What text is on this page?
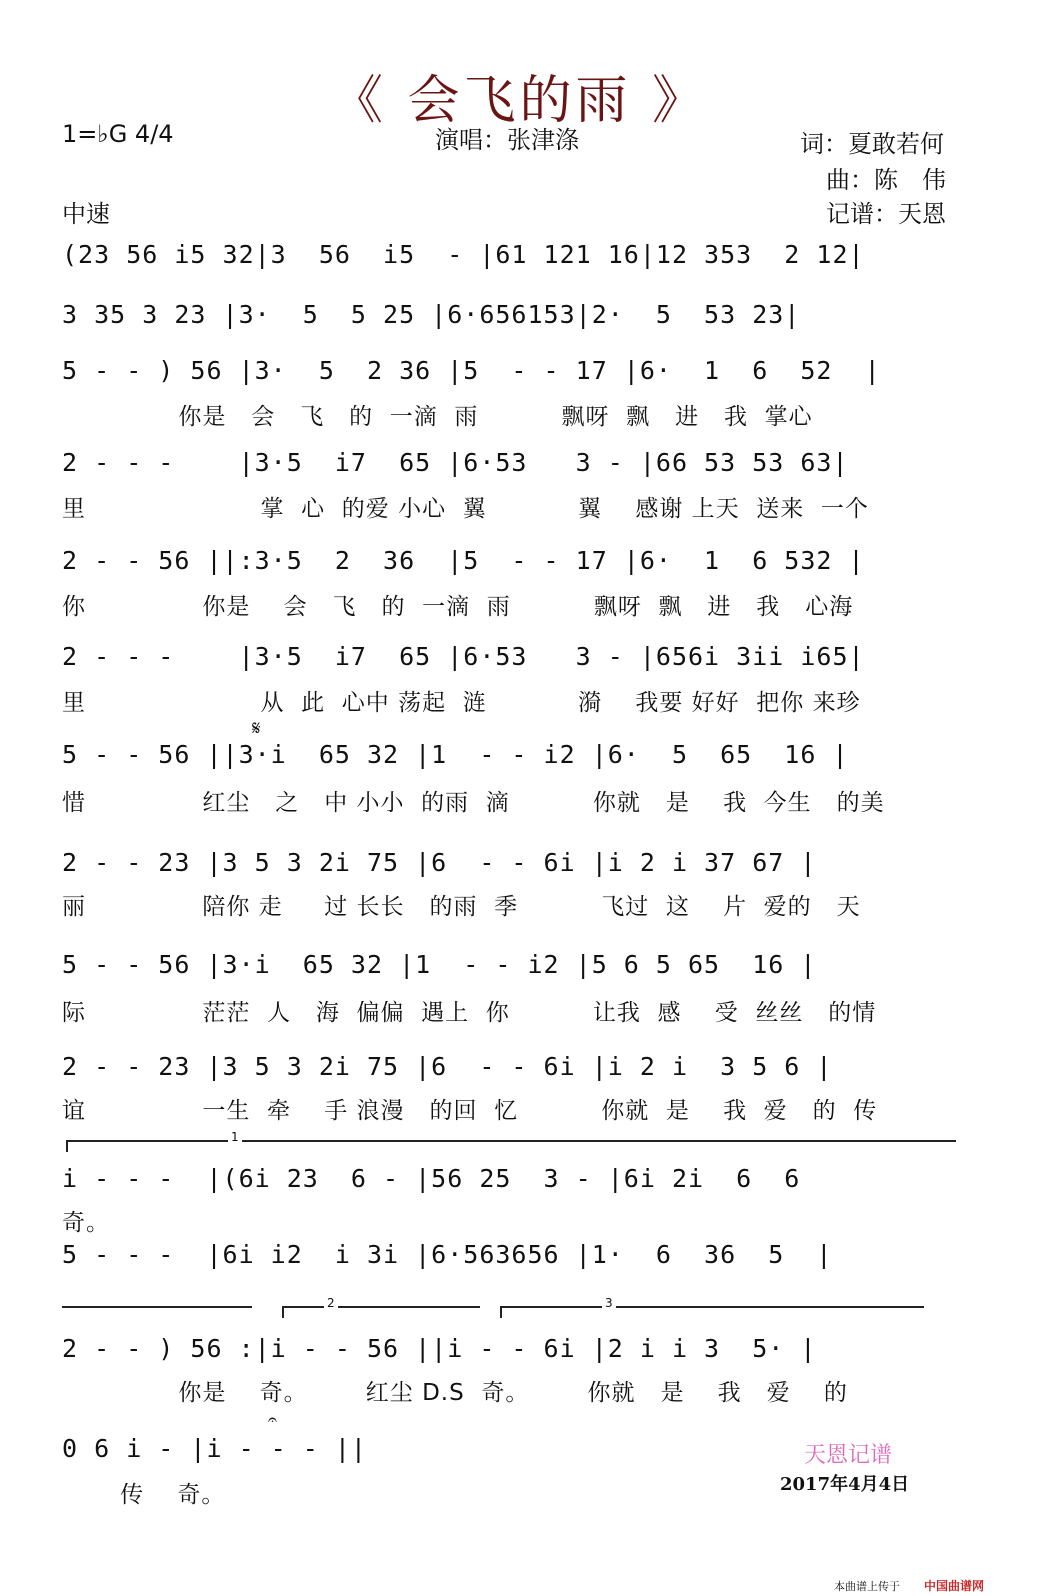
《 会飞的雨 》
1=♭G 4/4	演唱：张津涤	词：夏敢若何
曲：陈　伟
中速	记谱：天恩
(23 56 i5 32|3  56  i5  - |61 121 16|12 353  2 12|
3 35 3 23 |3·  5  5 25 |6·656153|2·  5  53 23|
5 - - ) 56 |3·  5  2 36 |5  - - 17 |6·  1  6  52  |
你是   会   飞   的  一滴  雨          飘呀  飘   进   我  掌心
2 - - -    |3·5  i7  65 |6·53   3 - |66 53 53 63|
里                     掌  心  的爱 小心  翼           翼    感谢 上天  送来  一个
2 - - 56 ||:3·5  2  36  |5  - - 17 |6·  1  6 532 |
你              你是    会   飞   的  一滴  雨          飘呀  飘   进   我   心海
2 - - -    |3·5  i7  65 |6·53   3 - |656i 3ii i65|
里                     从  此  心中 荡起  涟           漪    我要 好好  把你 来珍
𝄋
5 - - 56 ||3·i  65 32 |1  - - i2 |6·  5  65  16 |
惜              红尘   之   中 小小  的雨  滴          你就   是    我  今生   的美
2 - - 23 |3 5 3 2i 75 |6  - - 6i |i 2 i 37 67 |
丽              陪你 走     过 长长   的雨  季          飞过  这    片  爱的   天
5 - - 56 |3·i  65 32 |1  - - i2 |5 6 5 65  16 |
际              茫茫  人   海  偏偏  遇上  你          让我  感    受  丝丝   的情
2 - - 23 |3 5 3 2i 75 |6  - - 6i |i 2 i  3 5 6 |
谊              一生  牵    手 浪漫   的回  忆          你就  是    我  爱   的  传
1
i - - -  |(6i 23  6 - |56 25  3 - |6i 2i  6  6
奇。
5 - - -  |6i i2  i 3i |6·563656 |1·  6  36  5  |
2	3
2 - - ) 56 :|i - - 56 ||i - - 6i |2 i i 3  5· |
你是    奇。       红尘 D.S  奇。       你就   是    我   爱    的
𝄐
0 6 i - |i - - - ||
传    奇。
天恩记谱
2017年4月4日
本曲谱上传于	中国曲谱网
